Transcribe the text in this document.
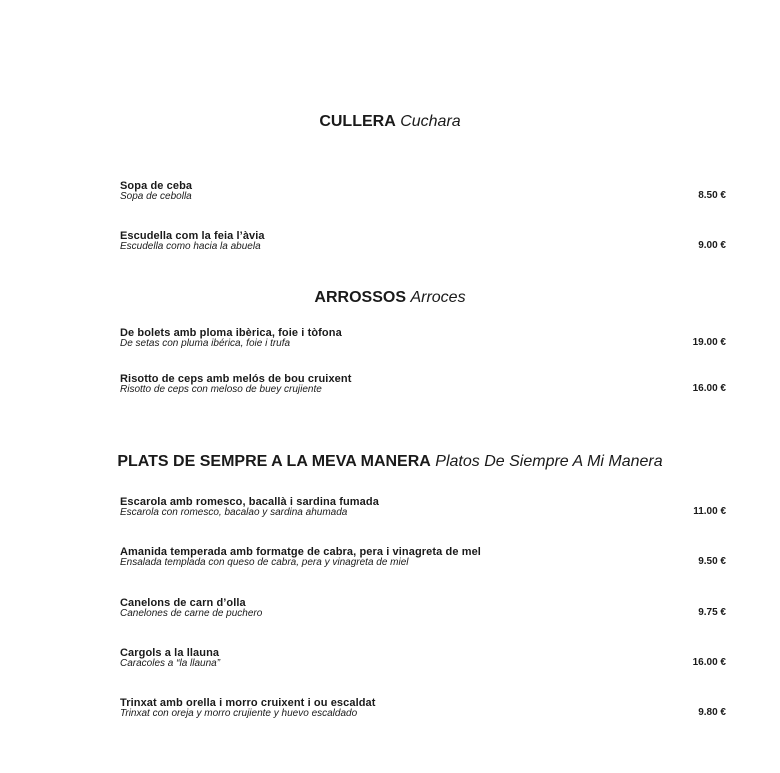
CULLERA Cuchara
Sopa de ceba
Sopa de cebolla	8.50 €
Escudella com la feia l’àvia
Escudella como hacia la abuela	9.00 €
ARROSSOS Arroces
De bolets amb ploma ibèrica, foie i tòfona
De setas con pluma ibérica, foie i trufa	19.00 €
Risotto de ceps amb melós de bou cruixent
Risotto de ceps con meloso de buey crujiente	16.00 €
PLATS DE SEMPRE A LA MEVA MANERA Platos De Siempre A Mi Manera
Escarola amb romesco, bacallà i sardina fumada
Escarola con romesco, bacalao y sardina ahumada	11.00 €
Amanida temperada amb formatge de cabra, pera i vinagreta de mel
Ensalada templada con queso de cabra, pera y vinagreta de miel	9.50 €
Canelons de carn d’olla
Canelones de carne de puchero	9.75 €
Cargols a la llauna
Caracoles a “la llauna”	16.00 €
Trinxat amb orella i morro cruixent i ou escaldat
Trinxat con oreja y morro crujiente y huevo escaldado	9.80 €
